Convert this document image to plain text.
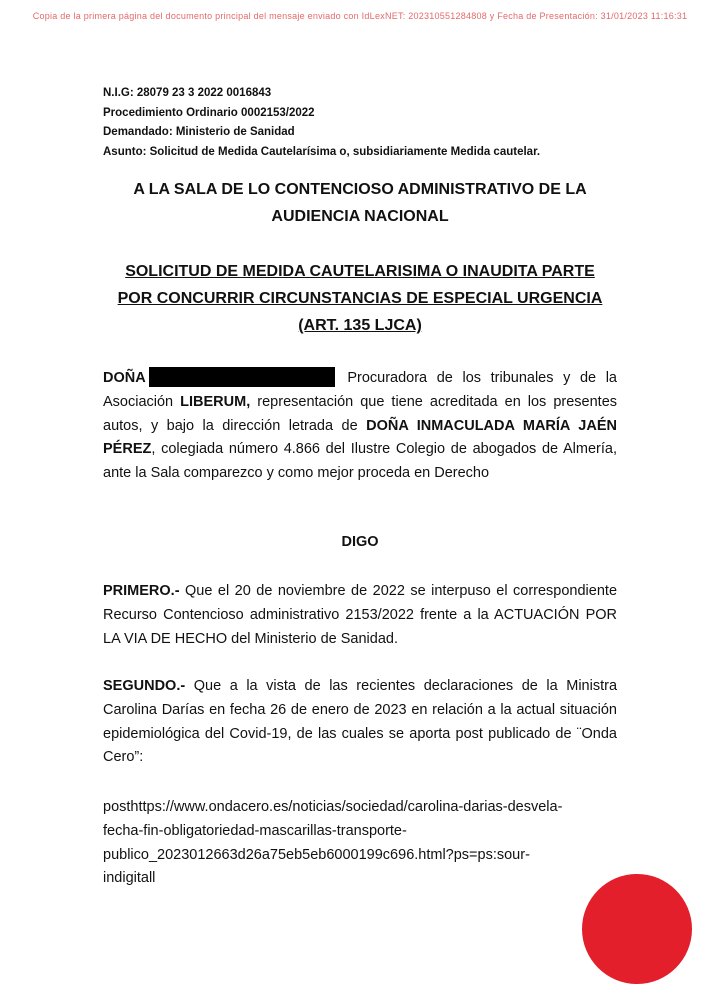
Copia de la primera página del documento principal del mensaje enviado con IdLexNET: 202310551284808 y Fecha de Presentación: 31/01/2023 11:16:31
N.I.G: 28079 23 3 2022 0016843
Procedimiento Ordinario 0002153/2022
Demandado: Ministerio de Sanidad
Asunto: Solicitud de Medida Cautelarísima o, subsidiariamente Medida cautelar.
A LA SALA DE LO CONTENCIOSO ADMINISTRATIVO DE LA
AUDIENCIA NACIONAL
SOLICITUD DE MEDIDA CAUTELARISIMA O INAUDITA PARTE
POR CONCURRIR CIRCUNSTANCIAS DE ESPECIAL URGENCIA
(ART. 135 LJCA)
DOÑA	Procuradora de los tribunales y de la Asociación LIBERUM, representación que tiene acreditada en los presentes autos, y bajo la dirección letrada de DOÑA INMACULADA MARÍA JAÉN PÉREZ, colegiada número 4.866 del Ilustre Colegio de abogados de Almería, ante la Sala comparezco y como mejor proceda en Derecho
DIGO
PRIMERO.- Que el 20 de noviembre de 2022 se interpuso el correspondiente Recurso Contencioso administrativo 2153/2022 frente a la ACTUACIÓN POR LA VIA DE HECHO del Ministerio de Sanidad.
SEGUNDO.- Que a la vista de las recientes declaraciones de la Ministra Carolina Darías en fecha 26 de enero de 2023 en relación a la actual situación epidemiológica del Covid-19, de las cuales se aporta post publicado de ¨Onda Cero”:
posthttps://www.ondacero.es/noticias/sociedad/carolina-darias-desvela-
fecha-fin-obligatoriedad-mascarillas-transporte-
publico_2023012663d26a75eb5eb6000199c696.html?ps=ps:sour-
indigitall
